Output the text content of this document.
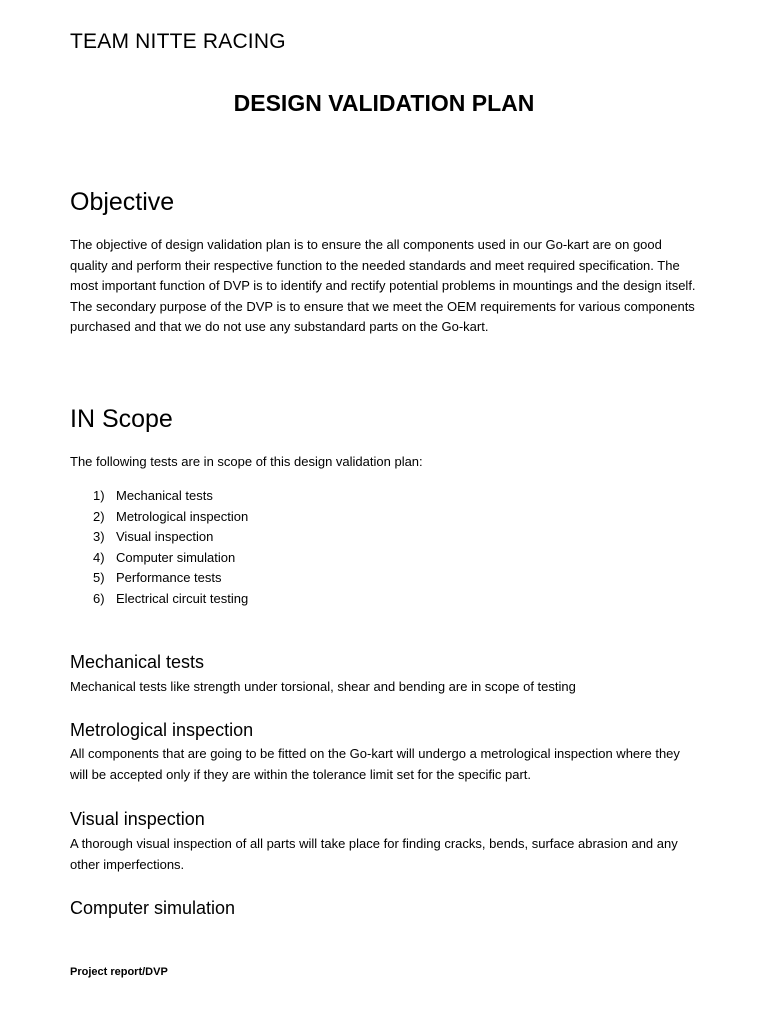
TEAM NITTE RACING
DESIGN VALIDATION PLAN
Objective
The objective of design validation plan is to ensure the all components used in our Go-kart are on good quality and perform their respective function to the needed standards and meet required specification. The most important function of DVP is to identify and rectify potential problems in mountings and the design itself. The secondary purpose of the DVP is to ensure that we meet the OEM requirements for various components purchased and that we do not use any substandard parts on the Go-kart.
IN Scope
The following tests are in scope of this design validation plan:
1) Mechanical tests
2) Metrological inspection
3) Visual inspection
4) Computer simulation
5) Performance tests
6) Electrical circuit testing
Mechanical tests
Mechanical tests like strength under torsional, shear and bending are in scope of testing
Metrological inspection
All components that are going to be fitted on the Go-kart will undergo a metrological inspection where they will be accepted only if they are within the tolerance limit set for the specific part.
Visual inspection
A thorough visual inspection of all parts will take place for finding cracks, bends, surface abrasion and any other imperfections.
Computer simulation
Project report/DVP
